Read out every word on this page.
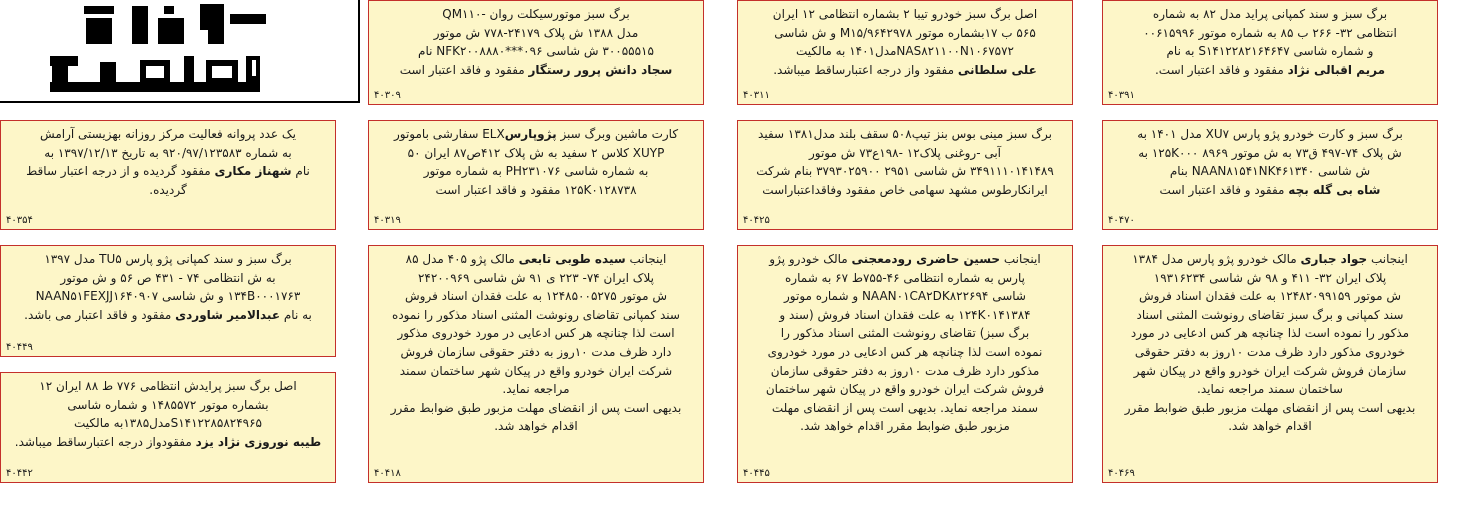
برگ سبز موتورسیکلت روان -QM۱۱۰
مدل ۱۳۸۸ ش پلاک ۲۴۱۷۹-۷۷۸ ش موتور
۳۰۰۵۵۵۱۵ ش شاسی ۰۹۶***NFK۲۰۰۸۸۸۰ نام
سجاد دانش پرور رستگار مفقود و فاقد اعتبار است
۴۰۳۰۹
اصل برگ سبز خودرو تیبا ۲ بشماره انتظامی ۱۲ ایران
۵۶۵ ب ۱۷بشماره موتور M۱۵/۹۶۴۲۹۷۸ و ش شاسی
NAS۸۲۱۱۰۰N۱۰۶۷۵۷۲مدل۱۴۰۱ به مالکیت
علی سلطانی مفقود واز درجه اعتبارساقط میباشد.
۴۰۳۱۱
برگ سبز و سند کمپانی پراید مدل ۸۲ به شماره
انتظامی ۳۲- ۲۶۶ ب ۸۵ به شماره موتور ۰۰۶۱۵۹۹۶
و شماره شاسی S۱۴۱۲۲۸۲۱۶۴۶۴۷ به نام
مریم اقبالی نژاد مفقود و فاقد اعتبار است.
۴۰۳۹۱
یک عدد پروانه فعالیت مرکز روزانه بهزیستی آرامش
به شماره ۹۲۰/۹۷/۱۲۳۵۸۳ به تاریخ ۱۳۹۷/۱۲/۱۳ به
نام شهناز مکاری مفقود گردیده و از درجه اعتبار ساقط گردیده.
۴۰۳۵۴
کارت ماشین وبرگ سبز پژوپارسELX سفارشی باموتور
XUYP کلاس ۲ سفید به ش پلاک ۴۱۲ص۸۷ ایران ۵۰
به شماره شاسی PH۲۳۱۰۷۶ به شماره موتور
۱۲۵K۰۱۲۸۷۳۸ مفقود و فاقد اعتبار است
۴۰۳۱۹
برگ سبز مینی بوس بنز تیپ۵۰۸ سقف بلند مدل۱۳۸۱ سفید
آبی -روغنی پلاک۱۲ -۱۹۸ع۷۳ ش موتور
۳۴۹۱۱۱۰۱۴۱۴۸۹ ش شاسی ۲۹۵۱ ۳۷۹۳۰۲۵۹۰۰ بنام شرکت
ایرانکارطوس مشهد سهامی خاص مفقود وفاقداعتباراست
۴۰۴۲۵
برگ سبز و کارت خودرو پژو پارس XU۷ مدل ۱۴۰۱ به
ش پلاک ۷۴-۴۹۷ ق۷۳ به ش موتور ۸۹۶۹ ۱۲۵K۰۰۰ به
ش شاسی NAAN۸۱۵۴۱NK۴۶۱۳۴۰ بنام
شاه بی گله بچه مفقود و فاقد اعتبار است
۴۰۴۷۰
برگ سبز و سند کمپانی پژو پارس TU۵ مدل ۱۳۹۷
به ش انتظامی ۷۴ - ۴۳۱ ص ۵۶ و ش موتور
۱۳۴B۰۰۰۱۷۶۳ و ش شاسی NAAN۵۱FEXJJ۱۶۴۰۹۰۷
به نام عبدالامیر شاوردی مفقود و فاقد اعتبار می باشد.
۴۰۴۴۹
اینجانب سیده طوبی تابعی مالک پژو ۴۰۵ مدل ۸۵
پلاک ایران ۷۴- ۲۲۳ ی ۹۱ ش شاسی ۲۴۲۰۰۹۶۹
ش موتور ۱۲۴۸۵۰۰۵۲۷۵ به علت فقدان اسناد فروش
سند کمپانی تقاضای رونوشت المثنی اسناد مذکور را نموده
است لذا چنانچه هر کس ادعایی در مورد خودروی مذکور
دارد ظرف مدت ۱۰روز به دفتر حقوقی سازمان فروش
شرکت ایران خودرو واقع در پیکان شهر ساختمان سمند
مراجعه نماید.
بدیهی است پس از انقضای مهلت مزبور طبق ضوابط مقرر
اقدام خواهد شد.
۴۰۴۱۸
اینجانب حسین حاضری رودمعجنی مالک خودرو پژو
پارس به شماره انتظامی ۴۶-۷۵۵ط ۶۷ به شماره
شاسی NAAN۰۱CA۲DK۸۲۲۶۹۴ و شماره موتور
۱۲۴K۰۱۴۱۳۸۴ به علت فقدان اسناد فروش (سند و
برگ سبز) تقاضای رونوشت المثنی اسناد مذکور را
نموده است لذا چنانچه هر کس ادعایی در مورد خودروی
مذکور دارد ظرف مدت ۱۰روز به دفتر حقوقی سازمان
فروش شرکت ایران خودرو واقع در پیکان شهر ساختمان
سمند مراجعه نماید. بدیهی است پس از انقضای مهلت
مزبور طبق ضوابط مقرر اقدام خواهد شد.
۴۰۴۴۵
اینجانب جواد جباری مالک خودرو پژو پارس مدل ۱۳۸۴
پلاک ایران ۳۲- ۴۱۱ و ۹۸ ش شاسی ۱۹۳۱۶۲۳۴
ش موتور ۱۲۴۸۲۰۹۹۱۵۹ به علت فقدان اسناد فروش
سند کمپانی و برگ سبز تقاضای رونوشت المثنی اسناد
مذکور را نموده است لذا چنانچه هر کس ادعایی در مورد
خودروی مذکور دارد ظرف مدت ۱۰روز به دفتر حقوقی
سازمان فروش شرکت ایران خودرو واقع در پیکان شهر
ساختمان سمند مراجعه نماید.
بدیهی است پس از انقضای مهلت مزبور طبق ضوابط مقرر
اقدام خواهد شد.
۴۰۴۶۹
اصل برگ سبز پرایدش انتظامی ۷۷۶ ط ۸۸ ایران ۱۲
بشماره موتور ۱۴۸۵۵۷۲ و شماره شاسی
S۱۴۱۲۲۸۵۸۲۴۹۶۵مدل۱۳۸۵به مالکیت
طیبه نوروزی نژاد یزد مفقودواز درجه اعتبارساقط میباشد.
۴۰۴۴۲
